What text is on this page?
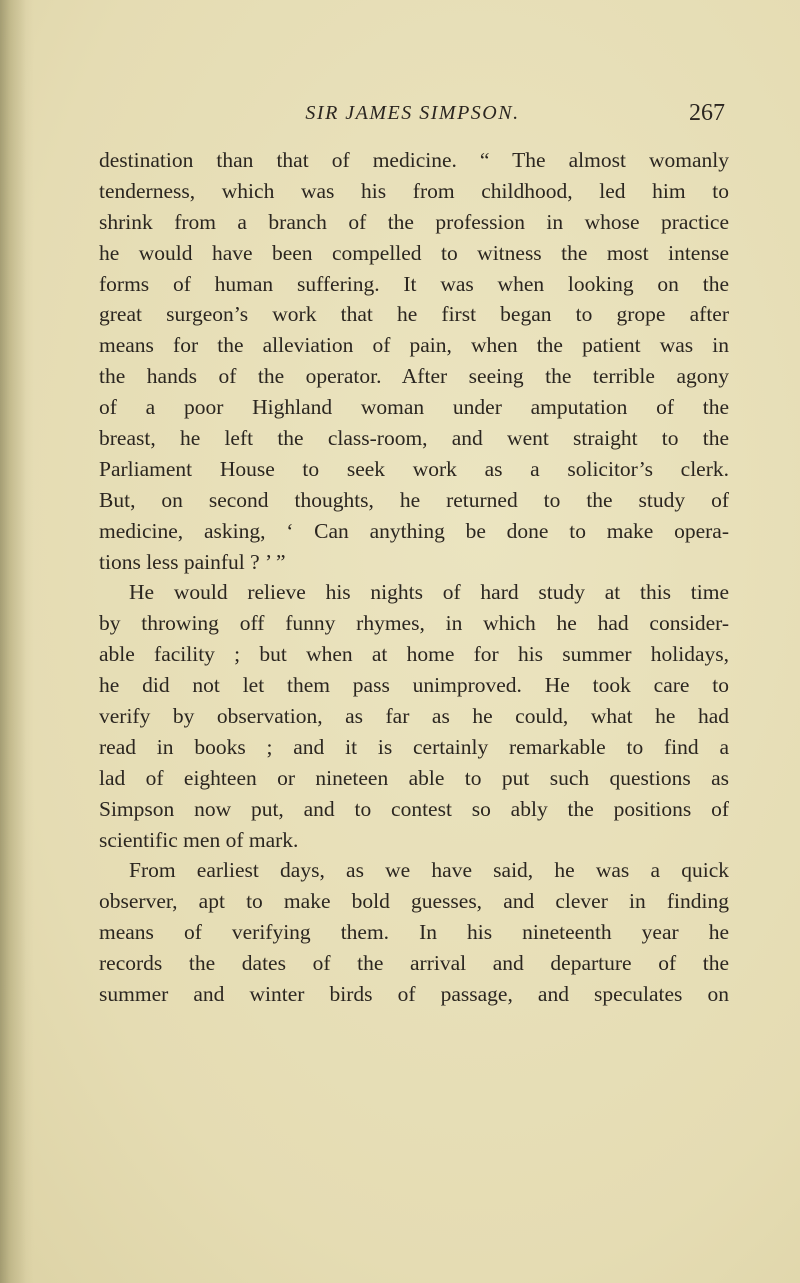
SIR JAMES SIMPSON.	267
destination than that of medicine. “ The almost womanly
tenderness, which was his from childhood, led him to
shrink from a branch of the profession in whose practice
he would have been compelled to witness the most intense
forms of human suffering. It was when looking on the
great surgeon’s work that he first began to grope after
means for the alleviation of pain, when the patient was in
the hands of the operator. After seeing the terrible agony
of a poor Highland woman under amputation of the
breast, he left the class-room, and went straight to the
Parliament House to seek work as a solicitor’s clerk.
But, on second thoughts, he returned to the study of
medicine, asking, ‘ Can anything be done to make opera-
tions less painful ? ’ ”
He would relieve his nights of hard study at this time
by throwing off funny rhymes, in which he had consider-
able facility ; but when at home for his summer holidays,
he did not let them pass unimproved. He took care to
verify by observation, as far as he could, what he had
read in books ; and it is certainly remarkable to find a
lad of eighteen or nineteen able to put such questions as
Simpson now put, and to contest so ably the positions of
scientific men of mark.
From earliest days, as we have said, he was a quick
observer, apt to make bold guesses, and clever in finding
means of verifying them. In his nineteenth year he
records the dates of the arrival and departure of the
summer and winter birds of passage, and speculates on
